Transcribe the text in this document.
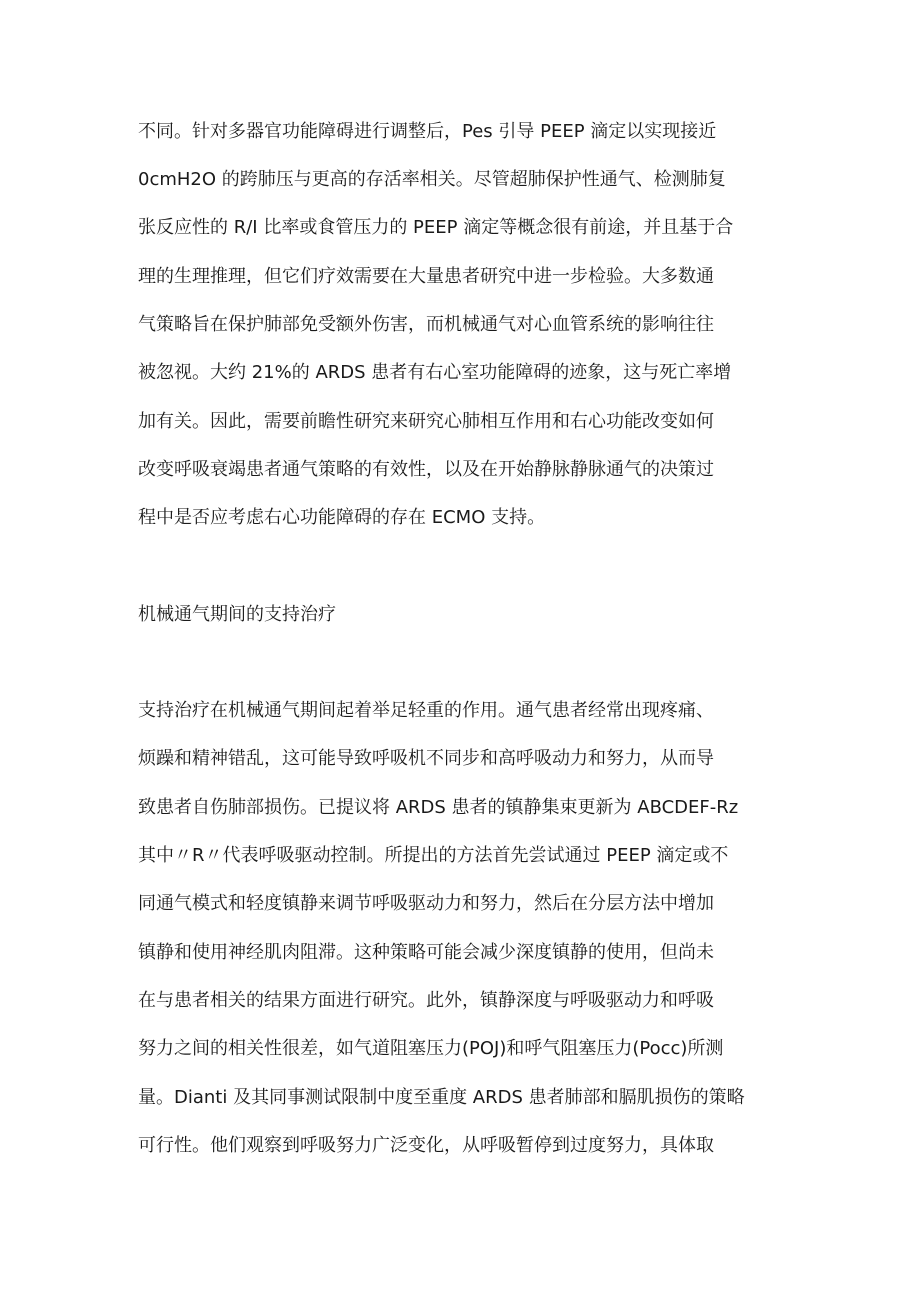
不同。针对多器官功能障碍进行调整后，Pes 引导 PEEP 滴定以实现接近
0cmH2O 的跨肺压与更高的存活率相关。尽管超肺保护性通气、检测肺复
张反应性的 R/I 比率或食管压力的 PEEP 滴定等概念很有前途，并且基于合
理的生理推理，但它们疗效需要在大量患者研究中进一步检验。大多数通
气策略旨在保护肺部免受额外伤害，而机械通气对心血管系统的影响往往
被忽视。大约 21%的 ARDS 患者有右心室功能障碍的迹象，这与死亡率增
加有关。因此，需要前瞻性研究来研究心肺相互作用和右心功能改变如何
改变呼吸衰竭患者通气策略的有效性，以及在开始静脉静脉通气的决策过
程中是否应考虑右心功能障碍的存在 ECMO 支持。
机械通气期间的支持治疗
支持治疗在机械通气期间起着举足轻重的作用。通气患者经常出现疼痛、
烦躁和精神错乱，这可能导致呼吸机不同步和高呼吸动力和努力，从而导
致患者自伤肺部损伤。已提议将 ARDS 患者的镇静集束更新为 ABCDEF-Rz
其中〃R〃代表呼吸驱动控制。所提出的方法首先尝试通过 PEEP 滴定或不
同通气模式和轻度镇静来调节呼吸驱动力和努力，然后在分层方法中增加
镇静和使用神经肌肉阻滞。这种策略可能会减少深度镇静的使用，但尚未
在与患者相关的结果方面进行研究。此外，镇静深度与呼吸驱动力和呼吸
努力之间的相关性很差，如气道阻塞压力(POJ)和呼气阻塞压力(Pocc)所测
量。Dianti 及其同事测试限制中度至重度 ARDS 患者肺部和膈肌损伤的策略
可行性。他们观察到呼吸努力广泛变化，从呼吸暂停到过度努力，具体取
